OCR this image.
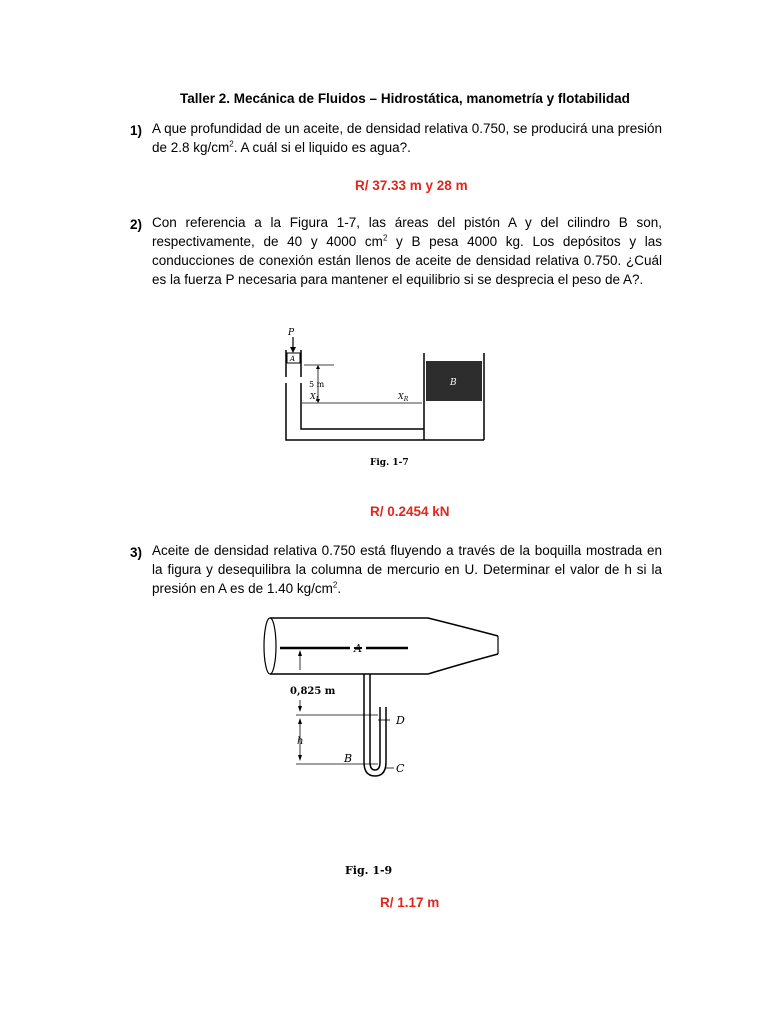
Taller 2. Mecánica de Fluidos – Hidrostática, manometría y flotabilidad
1) A que profundidad de un aceite, de densidad relativa 0.750, se producirá una presión de 2.8 $kg/cm^2$. A cuál si el liquido es agua?.
R/ 37.33 m y 28 m
2) Con referencia a la Figura 1-7, las áreas del pistón A y del cilindro B son, respectivamente, de 40 y 4000 $cm^2$ y B pesa 4000 kg. Los depósitos y las conducciones de conexión están llenos de aceite de densidad relativa 0.750. ¿Cuál es la fuerza P necesaria para mantener el equilibrio si se desprecia el peso de A?.
P
A
B
5 m
$X_L$	$X_R$
Fig. 1-7
R/ 0.2454 kN
3) Aceite de densidad relativa 0.750 está fluyendo a través de la boquilla mostrada en la figura y desequilibra la columna de mercurio en U. Determinar el valor de h si la presión en A es de 1.40 $kg/cm^2$.
A
0,825 m
h
D
B
C
Fig. 1-9
R/ 1.17 m
